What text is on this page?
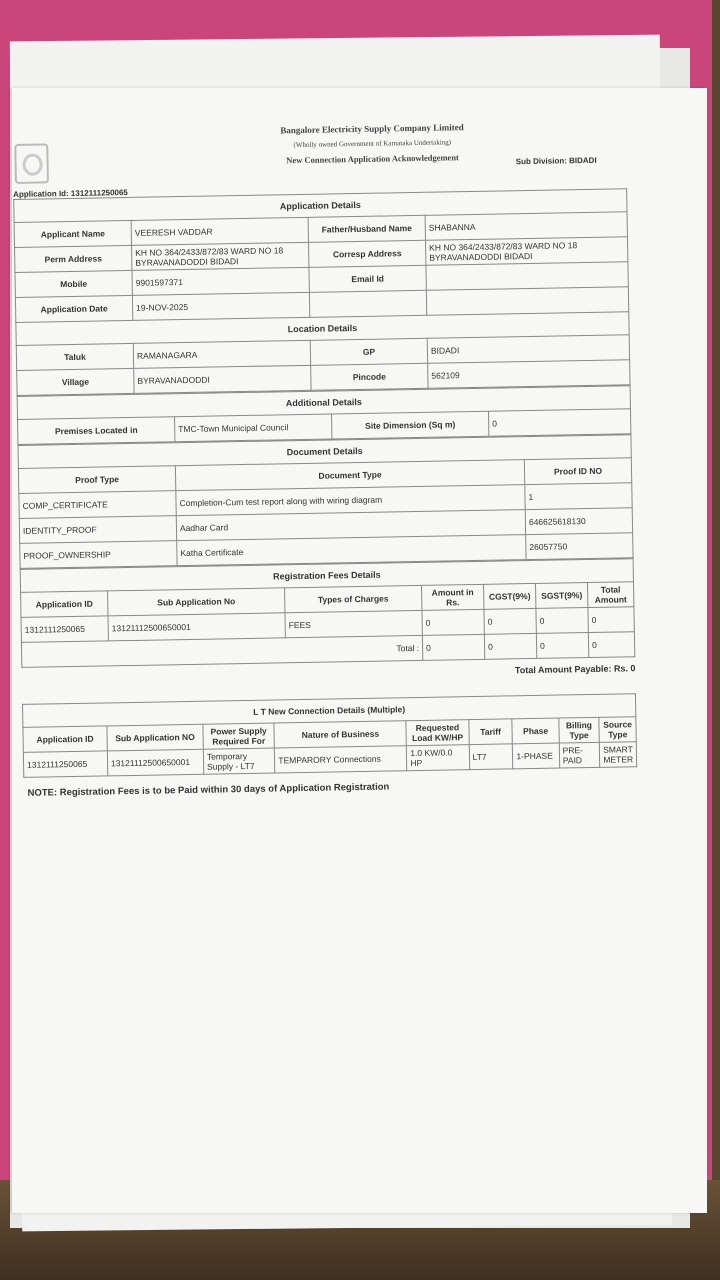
Bangalore Electricity Supply Company Limited
(Wholly owned Government of Karnataka Undertaking)
New Connection Application Acknowledgement
Application Id: 1312111250065
Sub Division: BIDADI
Application Details			
Applicant Name	VEERESH VADDAR	Father/Husband Name	SHABANNA
Perm Address	KH NO 364/2433/872/83 WARD NO 18 BYRAVANADODDI BIDADI	Corresp Address	KH NO 364/2433/872/83 WARD NO 18 BYRAVANADODDI BIDADI
Mobile	9901597371	Email Id	
Application Date	19-NOV-2025		
Location Details			
Taluk	RAMANAGARA	GP	BIDADI
Village	BYRAVANADODDI	Pincode	562109
Additional Details
Premises Located in	TMC-Town Municipal Council	Site Dimension (Sq m)	0
Document Details		
Proof Type	Document Type	Proof ID NO
COMP_CERTIFICATE	Completion-Cum test report along with wiring diagram	1
IDENTITY_PROOF	Aadhar Card	646625618130
PROOF_OWNERSHIP	Katha Certificate	26057750
Registration Fees Details						
Application ID	Sub Application No	Types of Charges	Amount in Rs.	CGST(9%)	SGST(9%)	Total Amount
1312111250065	13121112500650001	FEES	0	0	0	0
Total :			0	0	0	0
Total Amount Payable: Rs. 0
L T New Connection Details (Multiple)								
Application ID	Sub Application NO	Power Supply Required For	Nature of Business	Requested Load KW/HP	Tariff	Phase	Billing Type	Source Type
1312111250065	13121112500650001	Temporary Supply - LT7	TEMPARORY Connections	1.0 KW/0.0 HP	LT7	1-PHASE	PRE-PAID	SMART METER
NOTE: Registration Fees is to be Paid within 30 days of Application Registration
